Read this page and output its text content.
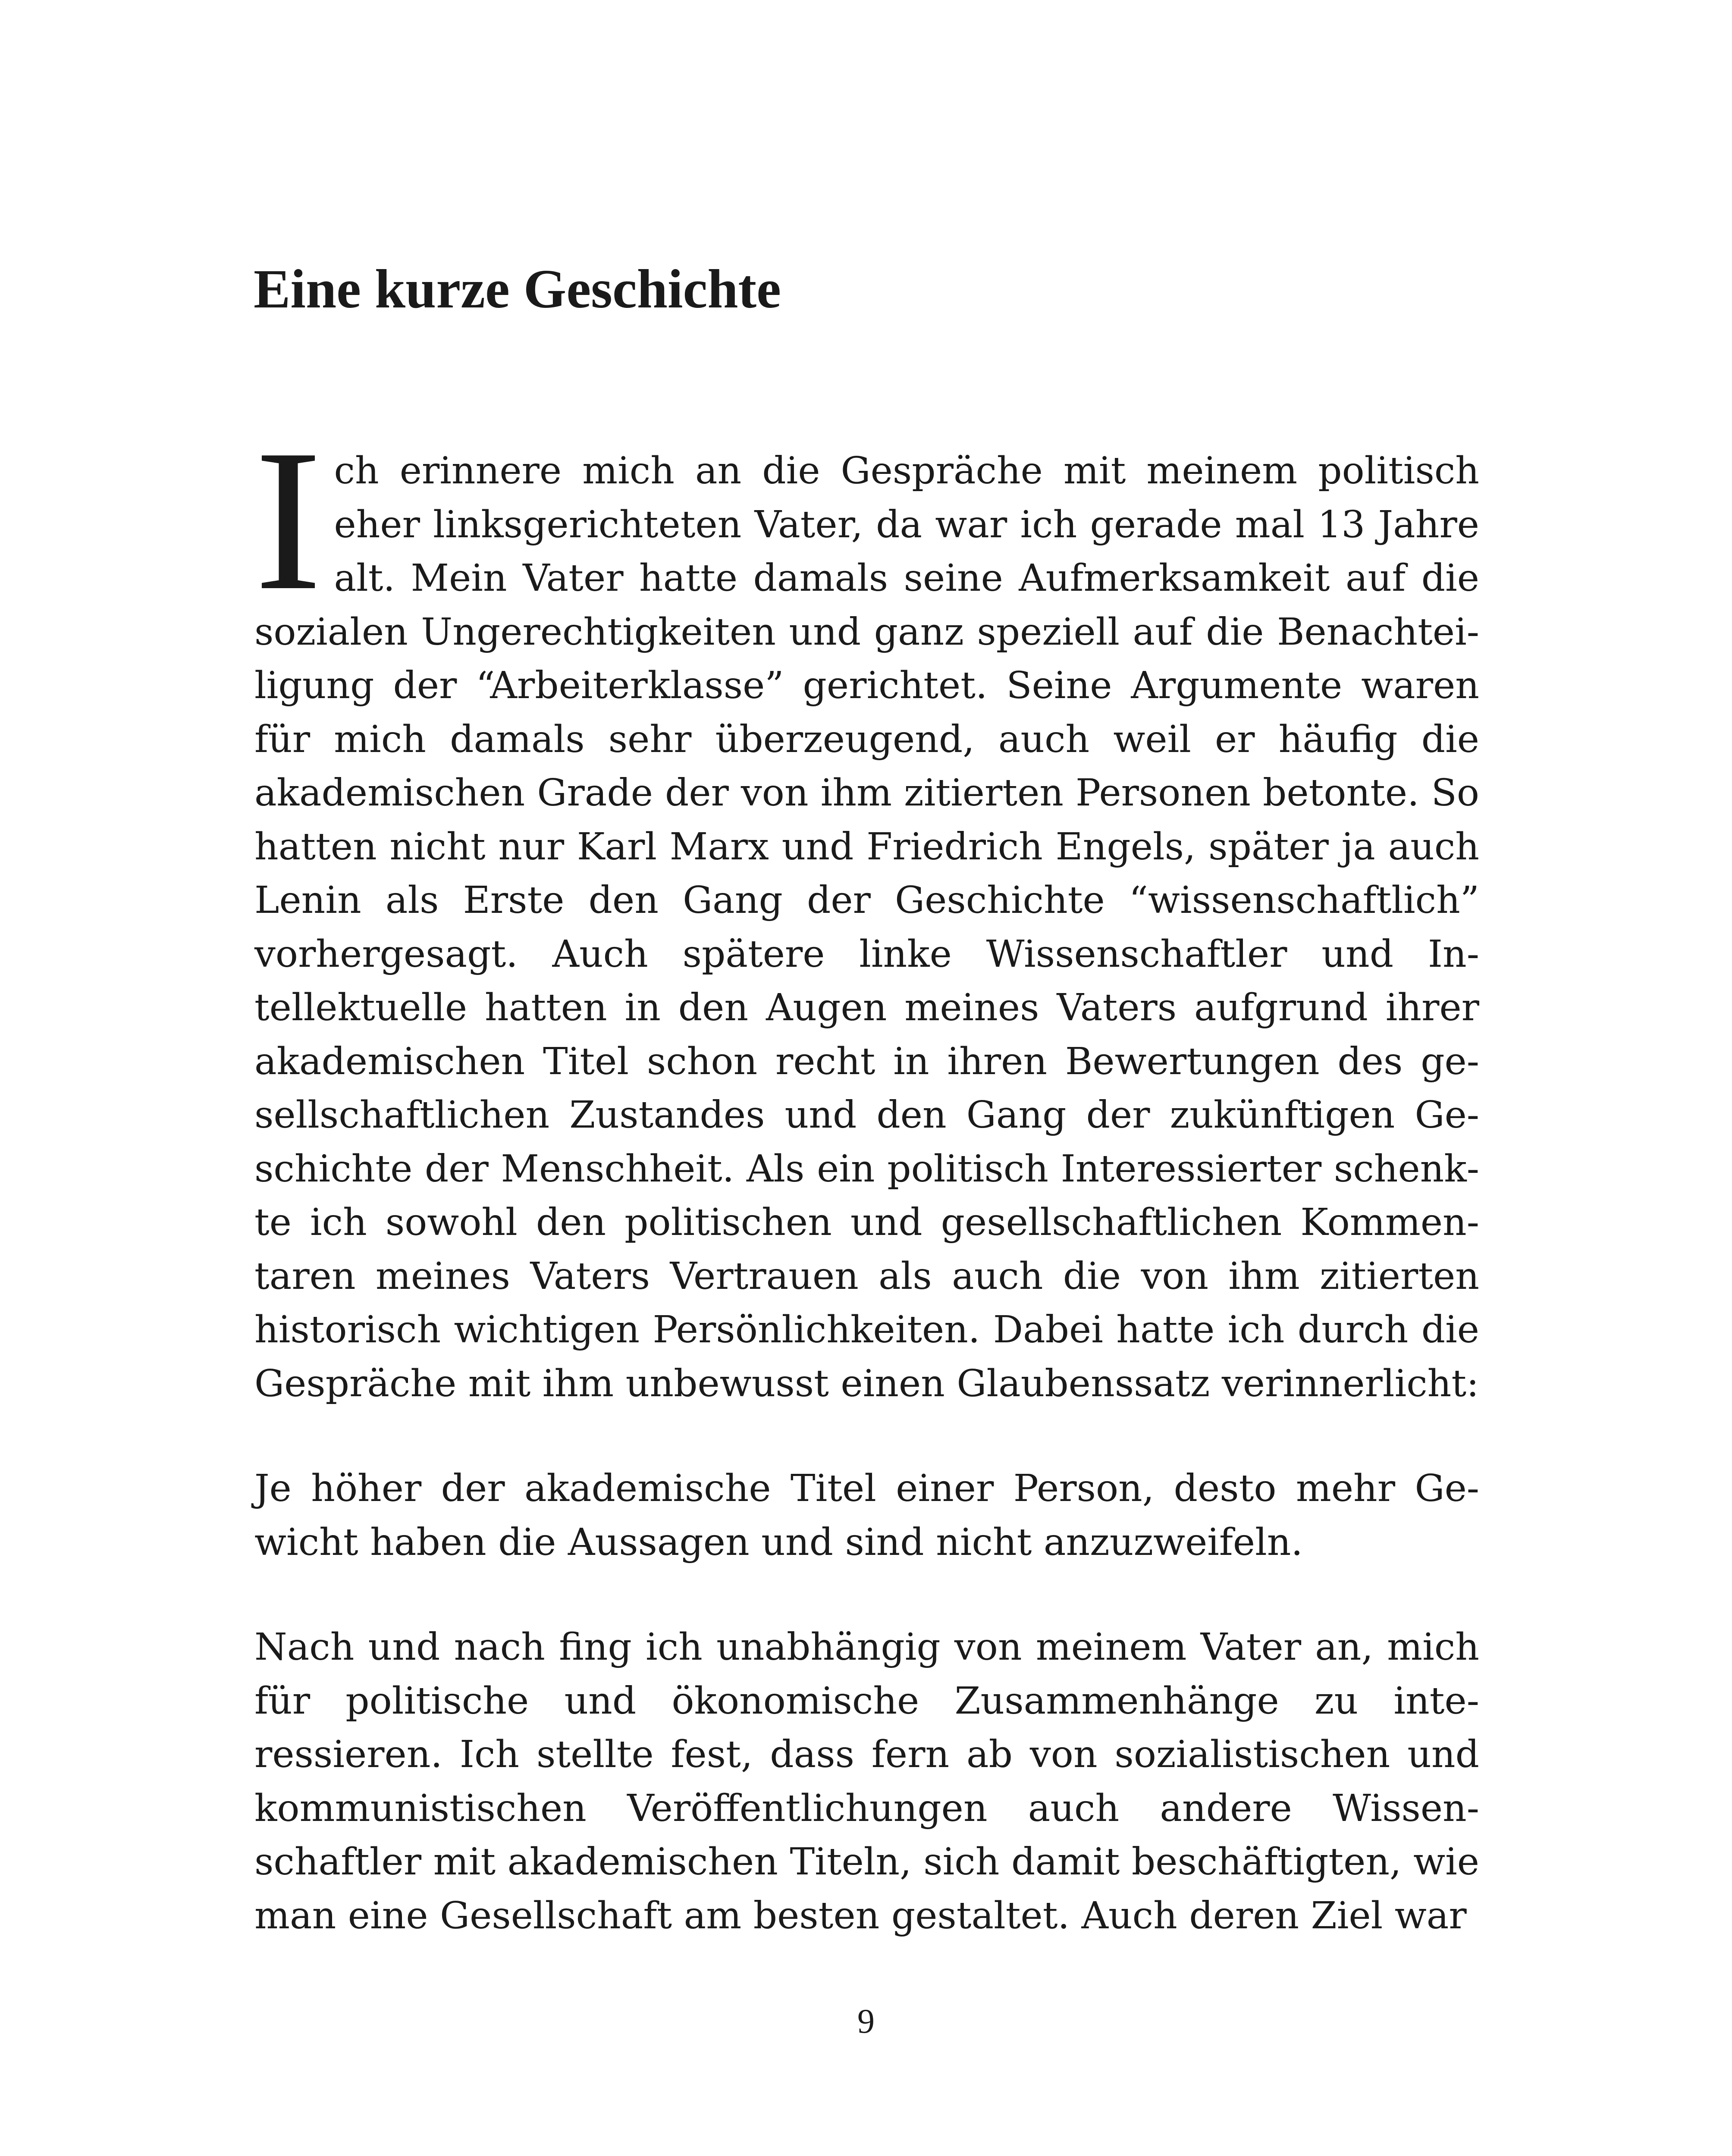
Eine kurze Geschichte

Ich erinnere mich an die Gespräche mit meinem politisch eher linksgerichteten Vater, da war ich gerade mal 13 Jahre alt. Mein Vater hatte damals seine Aufmerksamkeit auf die sozialen Ungerechtigkeiten und ganz speziell auf die Benachteiligung der “Arbeiterklasse” gerichtet. Seine Argumente waren für mich damals sehr überzeugend, auch weil er häufig die akademischen Grade der von ihm zitierten Personen betonte. So hatten nicht nur Karl Marx und Friedrich Engels, später ja auch Lenin als Erste den Gang der Geschichte “wissenschaftlich” vorhergesagt. Auch spätere linke Wissenschaftler und Intellektuelle hatten in den Augen meines Vaters aufgrund ihrer akademischen Titel schon recht in ihren Bewertungen des gesellschaftlichen Zustandes und den Gang der zukünftigen Geschichte der Menschheit. Als ein politisch Interessierter schenkte ich sowohl den politischen und gesellschaftlichen Kommentaren meines Vaters Vertrauen als auch die von ihm zitierten historisch wichtigen Persönlichkeiten. Dabei hatte ich durch die Gespräche mit ihm unbewusst einen Glaubenssatz verinnerlicht:

Je höher der akademische Titel einer Person, desto mehr Gewicht haben die Aussagen und sind nicht anzuzweifeln.

Nach und nach fing ich unabhängig von meinem Vater an, mich für politische und ökonomische Zusammenhänge zu interessieren. Ich stellte fest, dass fern ab von sozialistischen und kommunistischen Veröffentlichungen auch andere Wissenschaftler mit akademischen Titeln, sich damit beschäftigten, wie man eine Gesellschaft am besten gestaltet. Auch deren Ziel war

9
